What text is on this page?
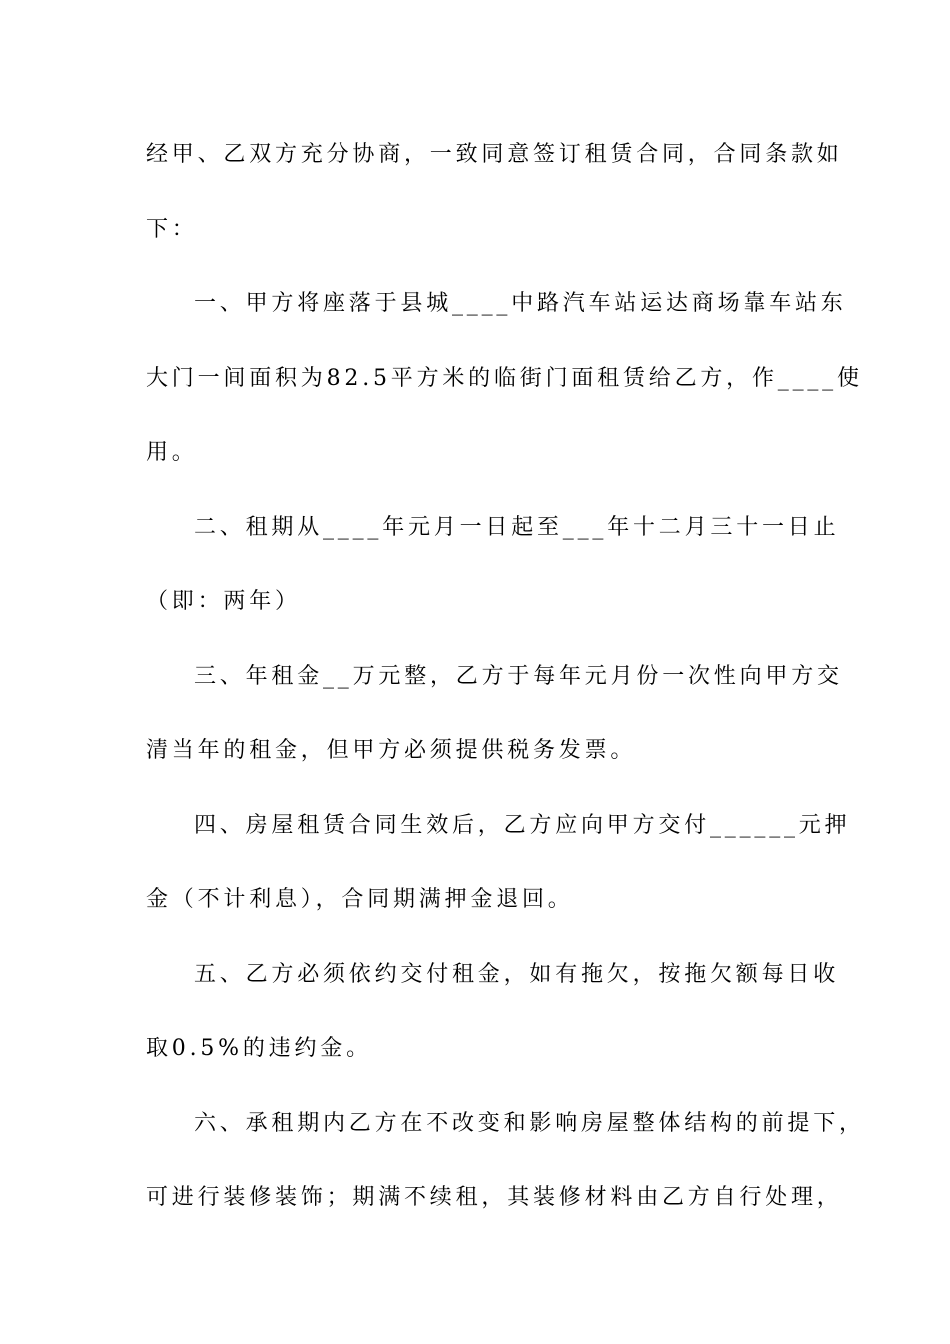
经甲、乙双方充分协商，一致同意签订租赁合同，合同条款如
下：
一、甲方将座落于县城____中路汽车站运达商场靠车站东
大门一间面积为82.5平方米的临街门面租赁给乙方，作____使
用。
二、租期从____年元月一日起至___年十二月三十一日止
（即：两年）
三、年租金__万元整，乙方于每年元月份一次性向甲方交
清当年的租金，但甲方必须提供税务发票。
四、房屋租赁合同生效后，乙方应向甲方交付______元押
金（不计利息），合同期满押金退回。
五、乙方必须依约交付租金，如有拖欠，按拖欠额每日收
取0.5%的违约金。
六、承租期内乙方在不改变和影响房屋整体结构的前提下，
可进行装修装饰；期满不续租，其装修材料由乙方自行处理，
